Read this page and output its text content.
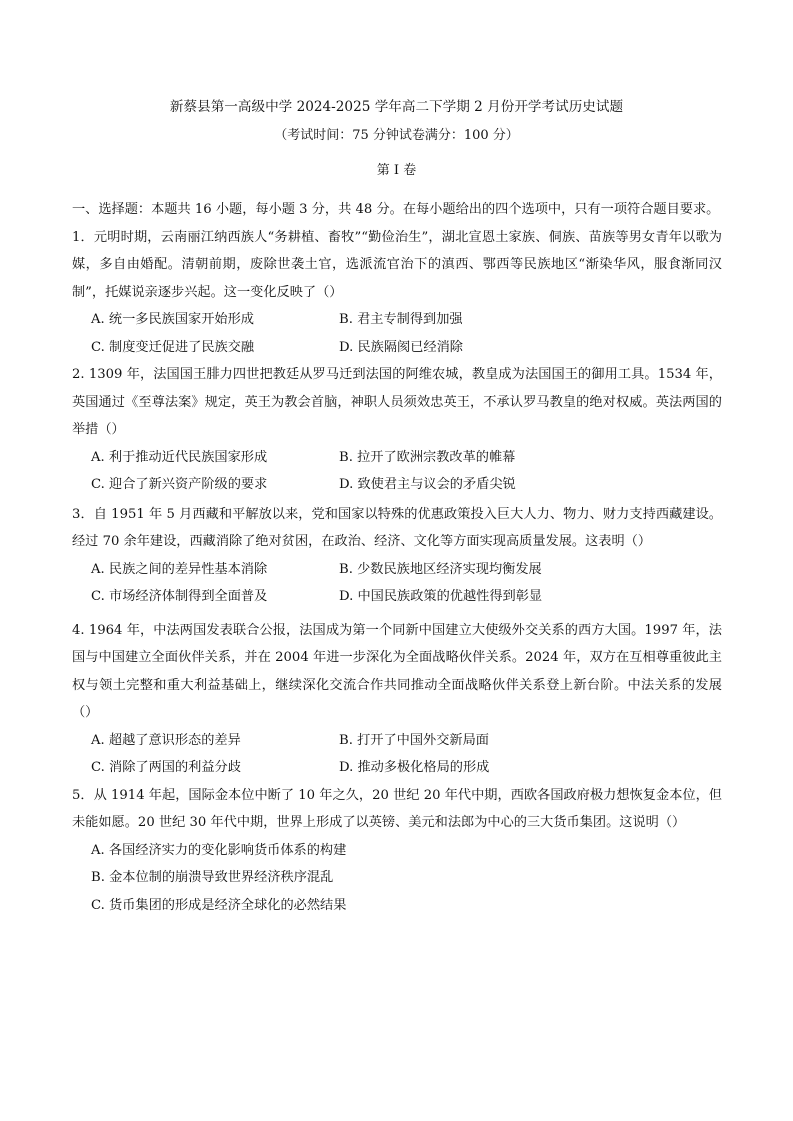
新蔡县第一高级中学 2024-2025 学年高二下学期 2 月份开学考试历史试题
（考试时间：75 分钟试卷满分：100 分）
第 I 卷

一、选择题：本题共 16 小题，每小题 3 分，共 48 分。在每小题给出的四个选项中，只有一项符合题目要求。

1．元明时期，云南丽江纳西族人“务耕植、畜牧”“勤俭治生”，湖北宣恩土家族、侗族、苗族等男女青年以歌为媒，多自由婚配。清朝前期，废除世袭土官，选派流官治下的滇西、鄂西等民族地区“渐染华风，服食渐同汉制”，托媒说亲逐步兴起。这一变化反映了（）

A. 统一多民族国家开始形成	B. 君主专制得到加强
C. 制度变迁促进了民族交融	D. 民族隔阂已经消除

2. 1309 年，法国国王腓力四世把教廷从罗马迁到法国的阿维农城，教皇成为法国国王的御用工具。1534 年，英国通过《至尊法案》规定，英王为教会首脑，神职人员须效忠英王，不承认罗马教皇的绝对权威。英法两国的举措（）

A. 利于推动近代民族国家形成	B. 拉开了欧洲宗教改革的帷幕
C. 迎合了新兴资产阶级的要求	D. 致使君主与议会的矛盾尖锐

3．自 1951 年 5 月西藏和平解放以来，党和国家以特殊的优惠政策投入巨大人力、物力、财力支持西藏建设。经过 70 余年建设，西藏消除了绝对贫困，在政治、经济、文化等方面实现高质量发展。这表明（）

A. 民族之间的差异性基本消除	B. 少数民族地区经济实现均衡发展
C. 市场经济体制得到全面普及	D. 中国民族政策的优越性得到彰显

4. 1964 年，中法两国发表联合公报，法国成为第一个同新中国建立大使级外交关系的西方大国。1997 年，法国与中国建立全面伙伴关系，并在 2004 年进一步深化为全面战略伙伴关系。2024 年，双方在互相尊重彼此主权与领土完整和重大利益基础上，继续深化交流合作共同推动全面战略伙伴关系登上新台阶。中法关系的发展（）

A. 超越了意识形态的差异	B. 打开了中国外交新局面
C. 消除了两国的利益分歧	D. 推动多极化格局的形成

5．从 1914 年起，国际金本位中断了 10 年之久，20 世纪 20 年代中期，西欧各国政府极力想恢复金本位，但未能如愿。20 世纪 30 年代中期，世界上形成了以英镑、美元和法郎为中心的三大货币集团。这说明（）

A. 各国经济实力的变化影响货币体系的构建
B. 金本位制的崩溃导致世界经济秩序混乱
C. 货币集团的形成是经济全球化的必然结果
